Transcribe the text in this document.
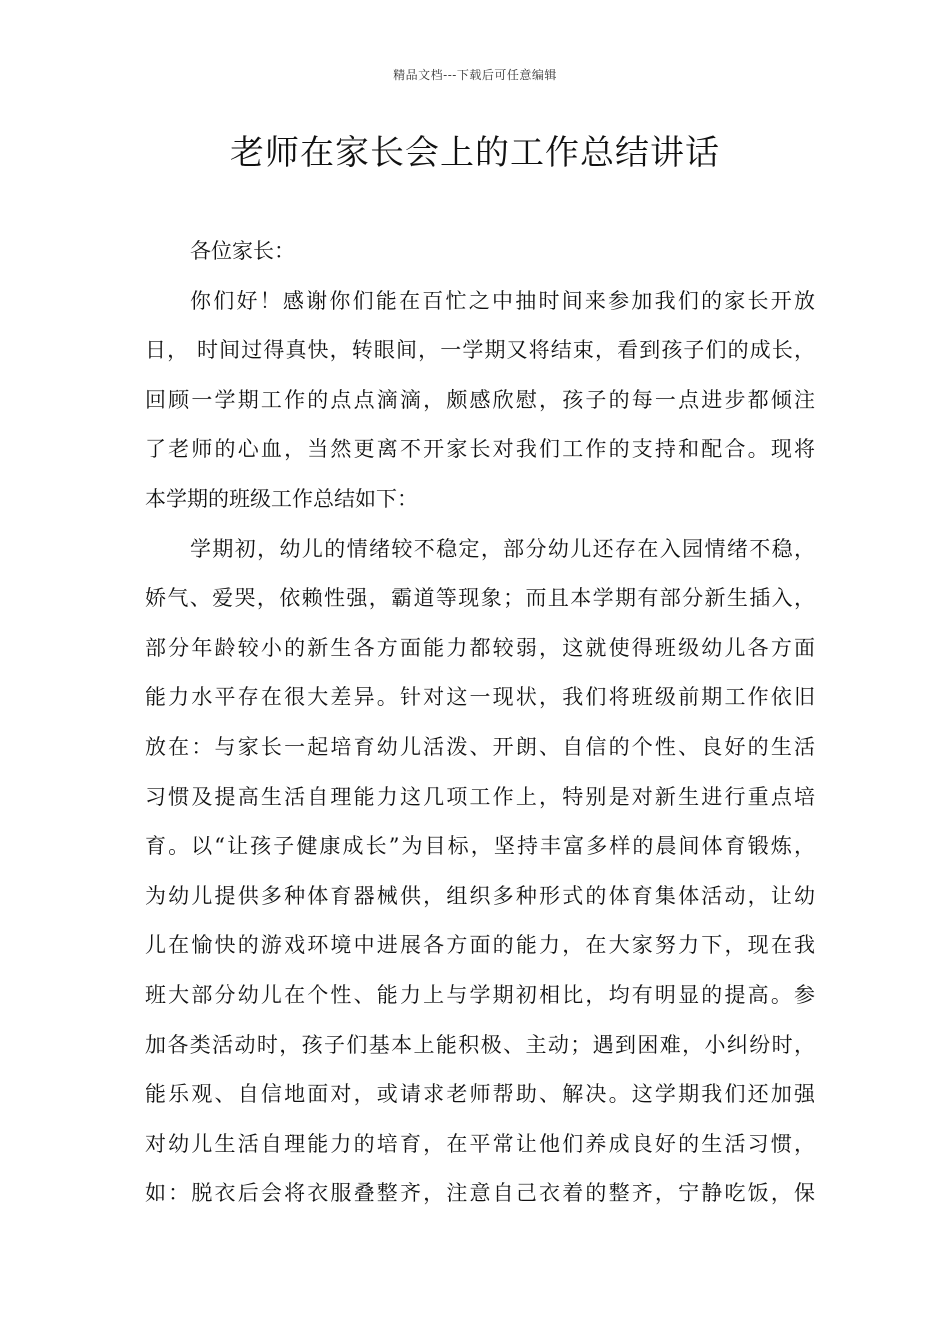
精品文档---下载后可任意编辑
老师在家长会上的工作总结讲话
各位家长：
你们好！感谢你们能在百忙之中抽时间来参加我们的家长开放
日， 时间过得真快，转眼间，一学期又将结束，看到孩子们的成长，
回顾一学期工作的点点滴滴，颇感欣慰，孩子的每一点进步都倾注
了老师的心血，当然更离不开家长对我们工作的支持和配合。现将
本学期的班级工作总结如下：
学期初，幼儿的情绪较不稳定，部分幼儿还存在入园情绪不稳，
娇气、爱哭，依赖性强，霸道等现象；而且本学期有部分新生插入，
部分年龄较小的新生各方面能力都较弱，这就使得班级幼儿各方面
能力水平存在很大差异。针对这一现状，我们将班级前期工作依旧
放在：与家长一起培育幼儿活泼、开朗、自信的个性、良好的生活
习惯及提高生活自理能力这几项工作上，特别是对新生进行重点培
育。以“让孩子健康成长”为目标，坚持丰富多样的晨间体育锻炼，
为幼儿提供多种体育器械供，组织多种形式的体育集体活动，让幼
儿在愉快的游戏环境中进展各方面的能力，在大家努力下，现在我
班大部分幼儿在个性、能力上与学期初相比，均有明显的提高。参
加各类活动时，孩子们基本上能积极、主动；遇到困难，小纠纷时，
能乐观、自信地面对，或请求老师帮助、解决。这学期我们还加强
对幼儿生活自理能力的培育，在平常让他们养成良好的生活习惯，
如：脱衣后会将衣服叠整齐，注意自己衣着的整齐，宁静吃饭，保
